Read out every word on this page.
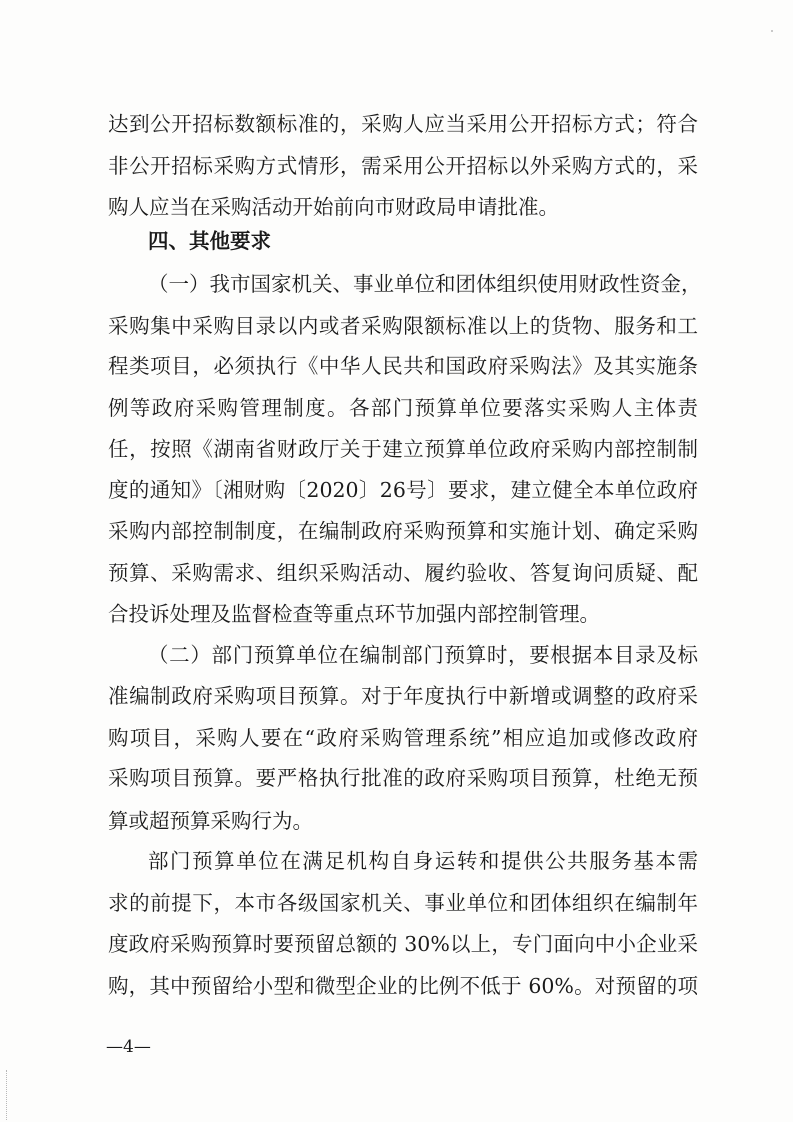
达到公开招标数额标准的，采购人应当采用公开招标方式；符合
非公开招标采购方式情形，需采用公开招标以外采购方式的，采
购人应当在采购活动开始前向市财政局申请批准。
四、其他要求
（一）我市国家机关、事业单位和团体组织使用财政性资金，
采购集中采购目录以内或者采购限额标准以上的货物、服务和工
程类项目，必须执行《中华人民共和国政府采购法》及其实施条
例等政府采购管理制度。各部门预算单位要落实采购人主体责
任，按照《湖南省财政厅关于建立预算单位政府采购内部控制制
度的通知》〔湘财购〔2020〕26号〕要求，建立健全本单位政府
采购内部控制制度，在编制政府采购预算和实施计划、确定采购
预算、采购需求、组织采购活动、履约验收、答复询问质疑、配
合投诉处理及监督检查等重点环节加强内部控制管理。
（二）部门预算单位在编制部门预算时，要根据本目录及标
准编制政府采购项目预算。对于年度执行中新增或调整的政府采
购项目，采购人要在“政府采购管理系统”相应追加或修改政府
采购项目预算。要严格执行批准的政府采购项目预算，杜绝无预
算或超预算采购行为。
部门预算单位在满足机构自身运转和提供公共服务基本需
求的前提下，本市各级国家机关、事业单位和团体组织在编制年
度政府采购预算时要预留总额的 30%以上，专门面向中小企业采
购，其中预留给小型和微型企业的比例不低于 60%。对预留的项
—4—
